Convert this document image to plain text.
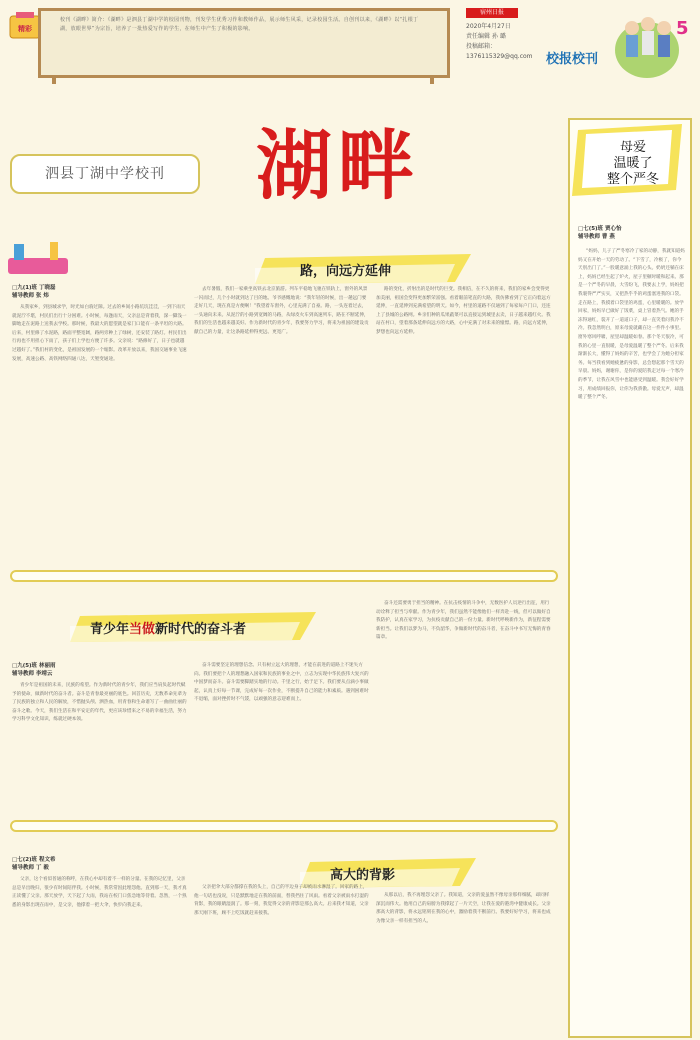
精彩
校刊《湖畔》简介：《湖畔》是泗县丁湖中学的校园刊物，刊发学生优秀习作和教师作品，展示师生风采，记录校园生活。自创刊以来，《湖畔》以“扎根丁湖，放眼世界”为宗旨，培养了一批热爱写作的学生，在师生中产生了积极的影响。
宿州日报
2020年4月27日
责任编辑 孙 璐
投稿邮箱：
1376115329@qq.com 校报校刊
5
泗县丁湖中学校刊	湖畔	母爱
温暖了
整个严冬
□七(5)班 贾心怡
辅导教师 曹 燕
“妈妈，儿子了严冬寒冷了家的动静，我就知道妈妈又在开始一天的劳动了。“下雪了，冷极了，你今天别出门了。”一股暖意涌上我的心头。奶奶还躺在床上，妈妈已经生起了炉火，屋子里顿时暖和起来。那是一个严冬的早晨，大雪纷飞，我要去上学，妈妈把我裹得严严实实，又把热乎乎的鸡蛋塞进我的口袋。走在路上，我摸着口袋里的鸡蛋，心里暖暖的。放学回家，妈妈早已做好了饭菜，桌上冒着热气。她的手冻得通红，裂开了一道道口子，却一直笑着问我冷不冷。我忽然明白，原来母爱就藏在这一件件小事里。窗外寒风呼啸，屋里却温暖如春。那个冬天很冷，可我的心里一直很暖，是母爱温暖了整个严冬。后来我渐渐长大，懂得了妈妈的辛苦，也学会了为她分担家务。每当我看到她疲惫的身影，总会想起那个雪天的早晨。妈妈，谢谢你，是你的爱陪我走过每一个寒冷的季节，让我在风雪中也能感受到温暖。我会好好学习，用成绩回报你，让你为我骄傲。母爱无声，却温暖了整个严冬。
路，向远方延伸
□九(1)班 丁晓磊
辅导教师 张 炜
从我家乡，到县城求学，时光如白驹过隙。过去的乡间小路坑坑洼洼，一到下雨天就泥泞不堪，村民们出行十分困难。小时候，每逢雨天，父亲总是背着我，深一脚浅一脚地走在泥路上送我去学校。那时候，我最大的愿望就是家门口能有一条平坦的大路。后来，村里修了水泥路，路面平整宽阔，路两旁种上了绿树，还安装了路灯。村民们出行再也不用担心下雨了，孩子们上学也方便了许多。父亲说：“路修好了，日子也就越过越好了。”我们村的变化，是祖国发展的一个缩影。改革开放以来，我国交通事业飞速发展，高速公路、高铁网络四通八达，天堑变通途。
去年暑假，我们一家乘坐高铁去北京旅游。列车平稳地飞驰在铁轨上，窗外的风景一闪而过，几个小时就到达了目的地。爷爷感慨地说：“我年轻的时候，出一趟远门要走好几天，现在真是方便啊！”我望着车窗外，心里充满了自豪。路，一头连着过去，一头通向未来。从泥泞的小路到宽阔的马路，从绿皮火车到高速列车，路在不断延伸，我们的生活也越来越美好。作为新时代的青少年，我要努力学习，将来为祖国的建设贡献自己的力量，让这条路延伸得更远、更宽广。
路的变化，折射出的是时代的巨变。我相信，在不久的将来，我们的家乡会变得更加美丽，祖国会变得更加繁荣富强。看着眼前笔直的大路，我仿佛看到了它正向着远方延伸，一直延伸到充满希望的明天。如今，村里的道路不仅通到了每家每户门口，还连上了县城的公路网。乡亲们种的瓜果蔬菜可以直接运到城里去卖，日子越来越红火。我站在村口，望着那条延伸向远方的大路，心中充满了对未来的憧憬。路，向远方延伸，梦想也向远方延伸。
青少年当做新时代的奋斗者
□九(5)班 林丽雨
辅导教师 李靖云
青少年是祖国的未来，民族的希望。作为新时代的青少年，我们应当肩负起时代赋予的使命，做新时代的奋斗者。奋斗是青春最亮丽的底色。回首历史，无数革命先辈为了民族的独立和人民的解放，不惜抛头颅、洒热血，用青春和生命谱写了一曲曲壮丽的奋斗之歌。今天，我们生活在和平安定的年代，更应该珍惜来之不易的幸福生活，努力学习科学文化知识，练就过硬本领。
奋斗需要坚定的理想信念。只有树立远大的理想，才能在前进的道路上不迷失方向。我们要把个人的理想融入国家和民族的事业之中，立志为实现中华民族伟大复兴的中国梦而奋斗。奋斗需要脚踏实地的行动。千里之行，始于足下。我们要从点滴小事做起，认真上好每一节课，完成好每一次作业，不断提升自己的能力和素质。遇到困难时不退缩，面对挫折时不气馁，以顽强的意志迎难而上。
奋斗还需要勇于担当的精神。在抗击疫情的斗争中，无数医护人员逆行出征，用行动诠释了担当与奉献。作为青少年，我们虽然不能像他们一样奔赴一线，但可以做好自我防护，认真在家学习，为抗疫贡献自己的一份力量。新时代呼唤新作为，新征程需要新担当。让我们以梦为马，不负韶华，争做新时代的奋斗者，在奋斗中书写无悔的青春篇章。
高大的背影
□七(2)班 程文希
辅导教师 丁 毅
父亲，这个看似普通的称呼，在我心中却有着不一样的分量。在我的记忆里，父亲总是早出晚归，很少有时间陪伴我。小时候，我常常因此埋怨他。直到那一天，我才真正读懂了父亲。那天放学，天下起了大雨，我站在校门口焦急地等待着。忽然，一个熟悉的身影出现在雨中，是父亲，他撑着一把大伞，快步向我走来。
父亲把伞大部分都撑在我的头上，自己的半边身子却被雨水淋湿了。回家的路上，他一句话也没说，只是默默地走在我的前面，替我挡住了风雨。看着父亲被雨水打湿的背影，我的眼睛湿润了。那一刻，我觉得父亲的背影是那么高大。后来我才知道，父亲那天刚下班，顾不上吃饭就赶来接我。
从那以后，我不再埋怨父亲了。我知道，父亲的爱虽然不像母亲那样细腻，却同样深沉而伟大。他用自己的肩膀为我撑起了一片天空，让我在爱的港湾中健康成长。父亲那高大的背影，将永远铭刻在我的心中，激励着我不断前行。我要好好学习，将来也成为像父亲一样有担当的人。
